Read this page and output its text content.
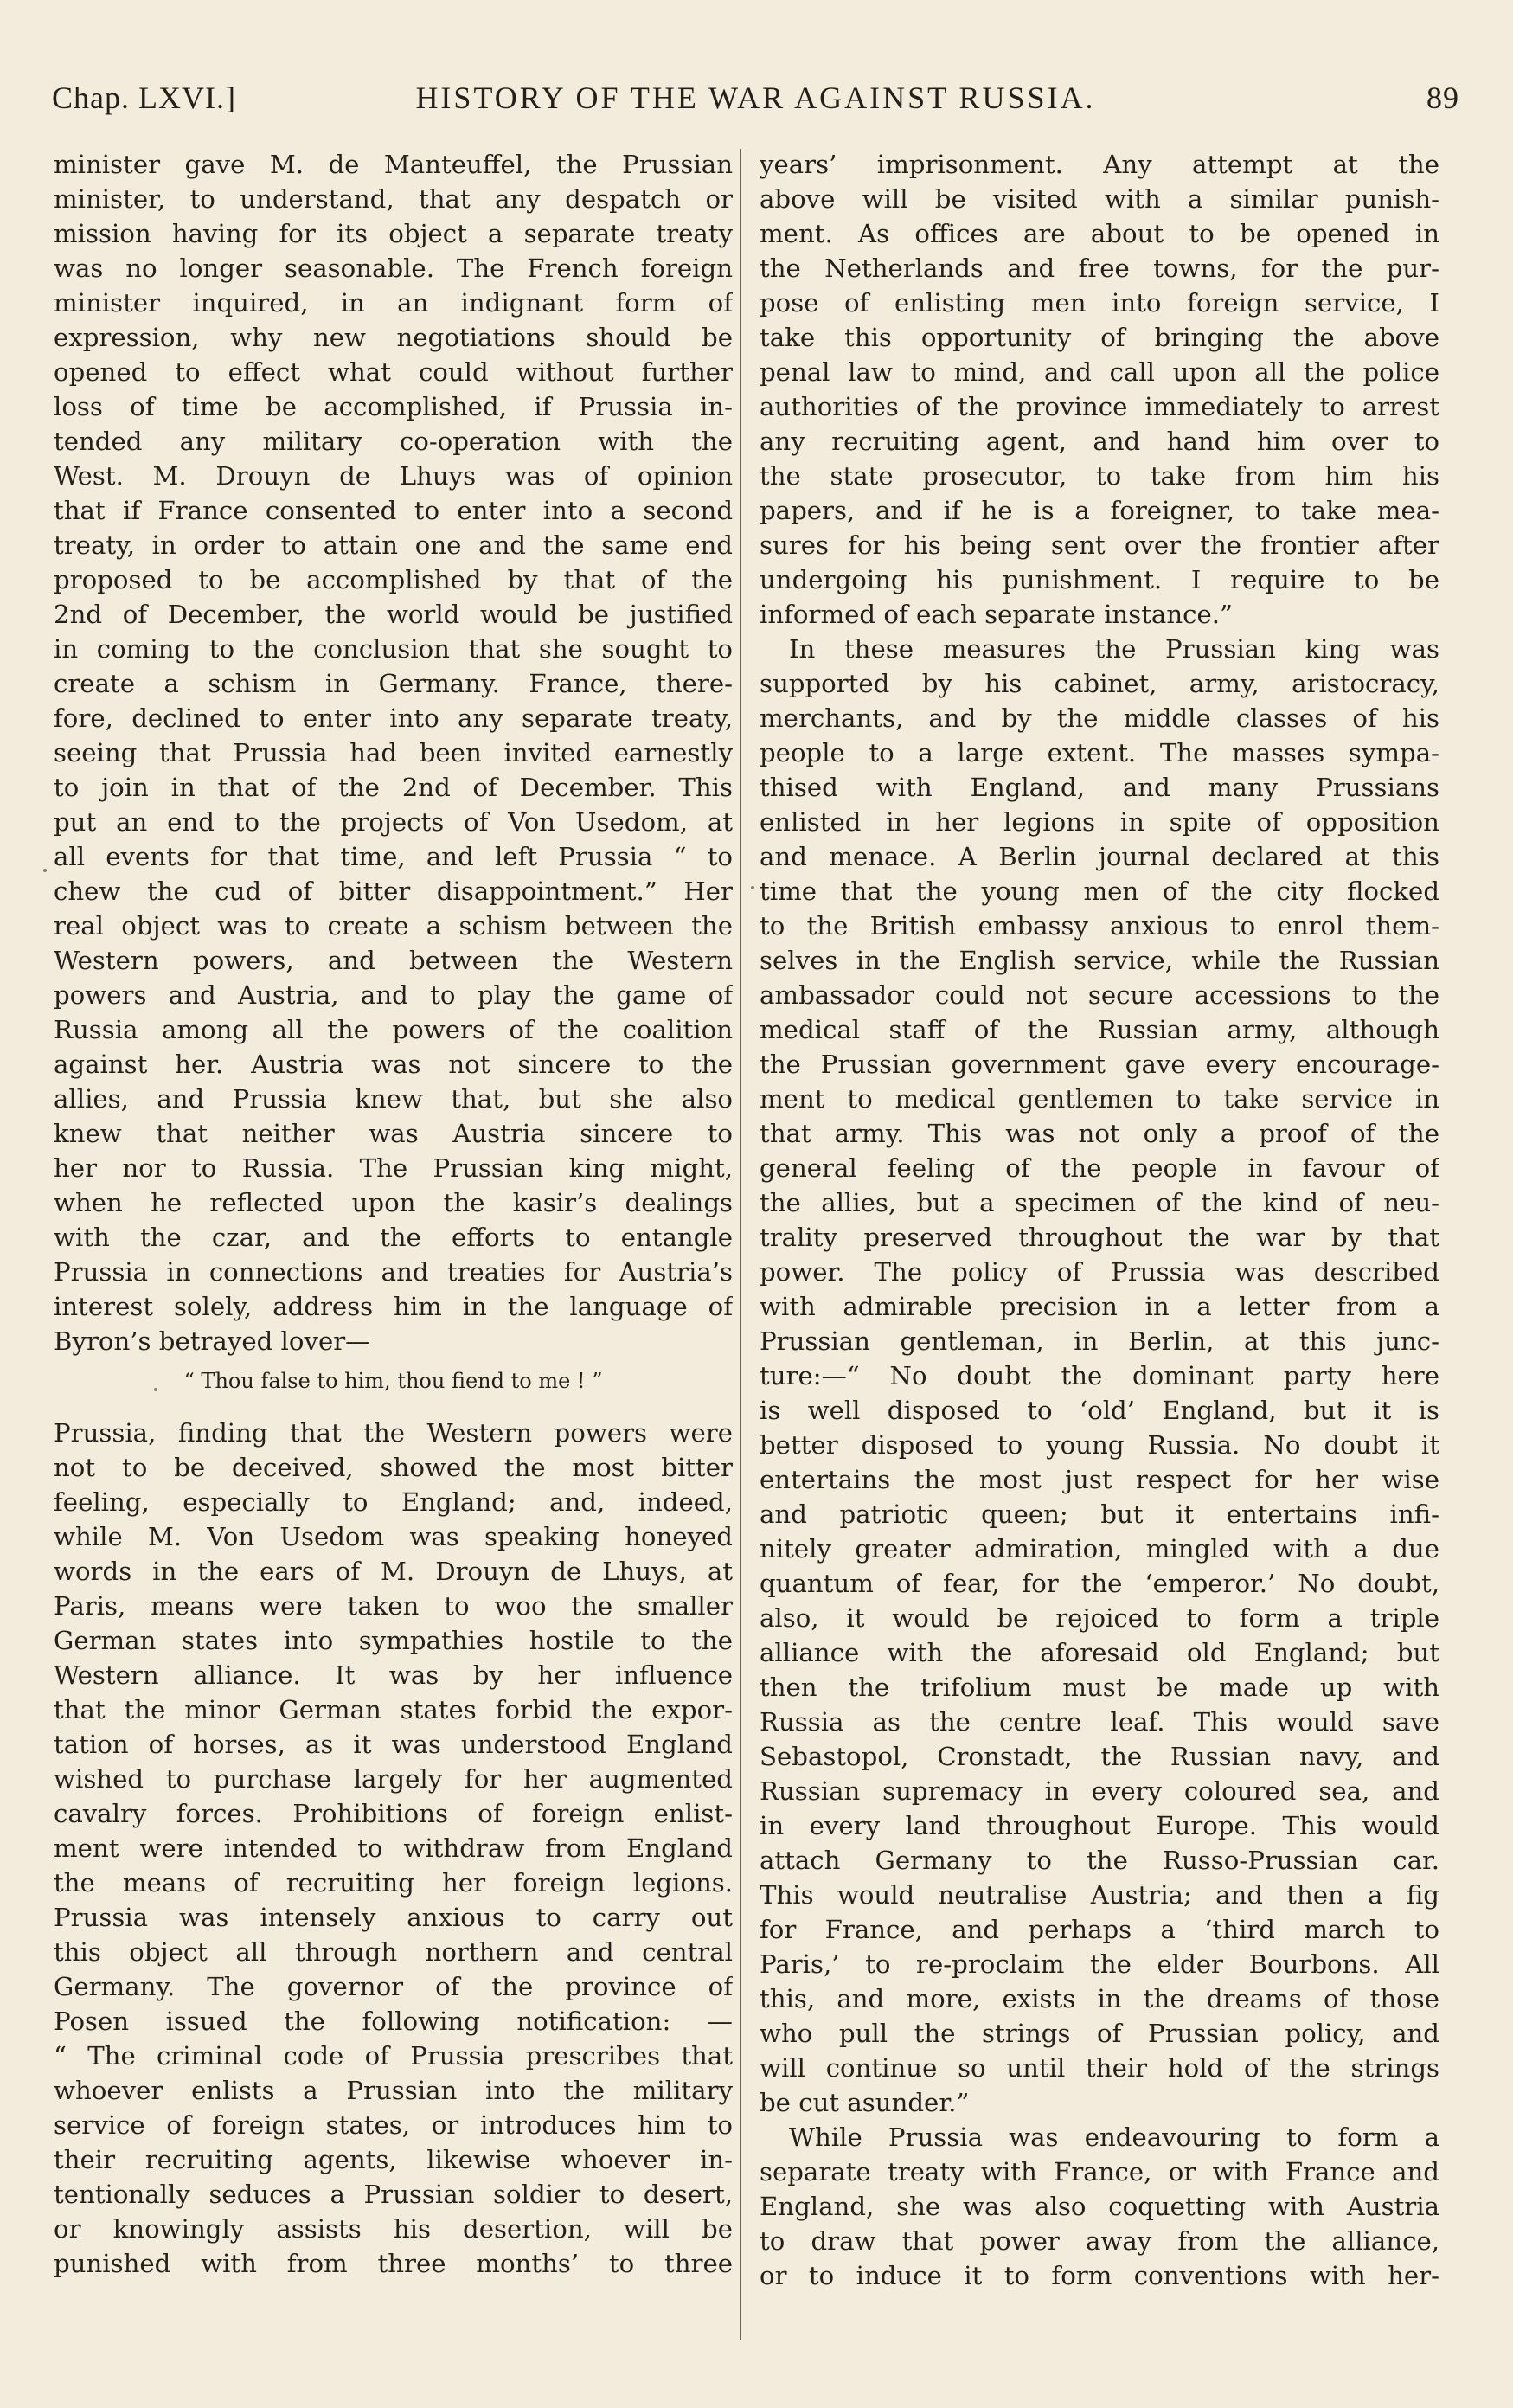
Chap. LXVI.]	HISTORY OF THE WAR AGAINST RUSSIA.	89
minister gave M. de Manteuffel, the Prussian
minister, to understand, that any despatch or
mission having for its object a separate treaty
was no longer seasonable. The French foreign
minister inquired, in an indignant form of
expression, why new negotiations should be
opened to effect what could without further
loss of time be accomplished, if Prussia in-
tended any military co-operation with the
West. M. Drouyn de Lhuys was of opinion
that if France consented to enter into a second
treaty, in order to attain one and the same end
proposed to be accomplished by that of the
2nd of December, the world would be justified
in coming to the conclusion that she sought to
create a schism in Germany. France, there-
fore, declined to enter into any separate treaty,
seeing that Prussia had been invited earnestly
to join in that of the 2nd of December. This
put an end to the projects of Von Usedom, at
all events for that time, and left Prussia “ to
chew the cud of bitter disappointment.” Her
real object was to create a schism between the
Western powers, and between the Western
powers and Austria, and to play the game of
Russia among all the powers of the coalition
against her. Austria was not sincere to the
allies, and Prussia knew that, but she also
knew that neither was Austria sincere to
her nor to Russia. The Prussian king might,
when he reflected upon the kasir’s dealings
with the czar, and the efforts to entangle
Prussia in connections and treaties for Austria’s
interest solely, address him in the language of
Byron’s betrayed lover—
“ Thou false to him, thou fiend to me ! ”
Prussia, finding that the Western powers were
not to be deceived, showed the most bitter
feeling, especially to England; and, indeed,
while M. Von Usedom was speaking honeyed
words in the ears of M. Drouyn de Lhuys, at
Paris, means were taken to woo the smaller
German states into sympathies hostile to the
Western alliance. It was by her influence
that the minor German states forbid the expor-
tation of horses, as it was understood England
wished to purchase largely for her augmented
cavalry forces. Prohibitions of foreign enlist-
ment were intended to withdraw from England
the means of recruiting her foreign legions.
Prussia was intensely anxious to carry out
this object all through northern and central
Germany. The governor of the province of
Posen issued the following notification: —
“ The criminal code of Prussia prescribes that
whoever enlists a Prussian into the military
service of foreign states, or introduces him to
their recruiting agents, likewise whoever in-
tentionally seduces a Prussian soldier to desert,
or knowingly assists his desertion, will be
punished with from three months’ to three
years’ imprisonment. Any attempt at the
above will be visited with a similar punish-
ment. As offices are about to be opened in
the Netherlands and free towns, for the pur-
pose of enlisting men into foreign service, I
take this opportunity of bringing the above
penal law to mind, and call upon all the police
authorities of the province immediately to arrest
any recruiting agent, and hand him over to
the state prosecutor, to take from him his
papers, and if he is a foreigner, to take mea-
sures for his being sent over the frontier after
undergoing his punishment. I require to be
informed of each separate instance.”
In these measures the Prussian king was
supported by his cabinet, army, aristocracy,
merchants, and by the middle classes of his
people to a large extent. The masses sympa-
thised with England, and many Prussians
enlisted in her legions in spite of opposition
and menace. A Berlin journal declared at this
time that the young men of the city flocked
to the British embassy anxious to enrol them-
selves in the English service, while the Russian
ambassador could not secure accessions to the
medical staff of the Russian army, although
the Prussian government gave every encourage-
ment to medical gentlemen to take service in
that army. This was not only a proof of the
general feeling of the people in favour of
the allies, but a specimen of the kind of neu-
trality preserved throughout the war by that
power. The policy of Prussia was described
with admirable precision in a letter from a
Prussian gentleman, in Berlin, at this junc-
ture:—“ No doubt the dominant party here
is well disposed to ‘old’ England, but it is
better disposed to young Russia. No doubt it
entertains the most just respect for her wise
and patriotic queen; but it entertains infi-
nitely greater admiration, mingled with a due
quantum of fear, for the ‘emperor.’ No doubt,
also, it would be rejoiced to form a triple
alliance with the aforesaid old England; but
then the trifolium must be made up with
Russia as the centre leaf. This would save
Sebastopol, Cronstadt, the Russian navy, and
Russian supremacy in every coloured sea, and
in every land throughout Europe. This would
attach Germany to the Russo-Prussian car.
This would neutralise Austria; and then a fig
for France, and perhaps a ‘third march to
Paris,’ to re-proclaim the elder Bourbons. All
this, and more, exists in the dreams of those
who pull the strings of Prussian policy, and
will continue so until their hold of the strings
be cut asunder.”
While Prussia was endeavouring to form a
separate treaty with France, or with France and
England, she was also coquetting with Austria
to draw that power away from the alliance,
or to induce it to form conventions with her-
